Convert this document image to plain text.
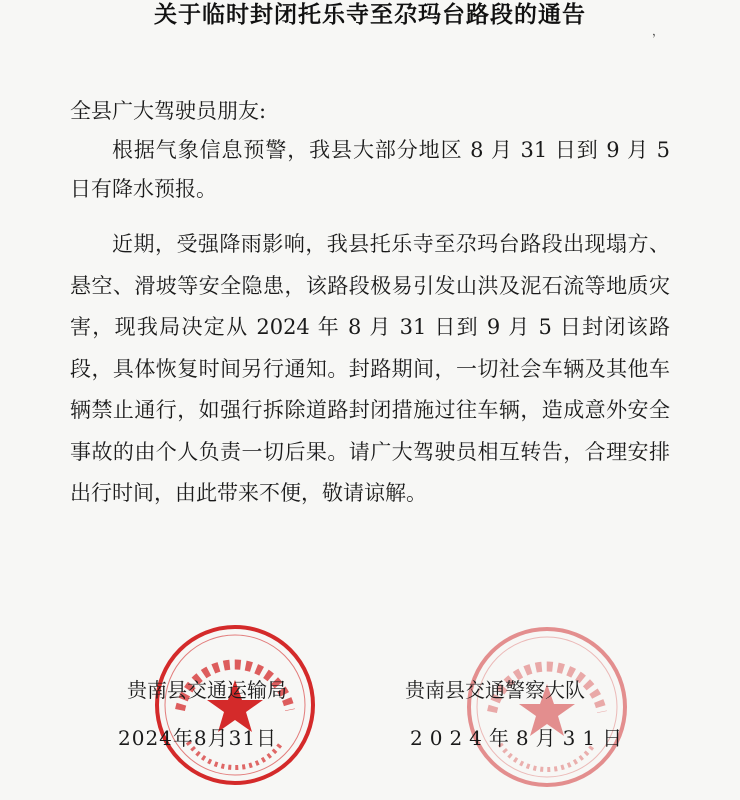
关于临时封闭托乐寺至尕玛台路段的通告
，
全县广大驾驶员朋友:

根据气象信息预警，我县大部分地区 8 月 31 日到 9 月 5 日有降水预报。

近期，受强降雨影响，我县托乐寺至尕玛台路段出现塌方、悬空、滑坡等安全隐患，该路段极易引发山洪及泥石流等地质灾害，现我局决定从 2024 年 8 月 31 日到 9 月 5 日封闭该路段，具体恢复时间另行通知。封路期间，一切社会车辆及其他车辆禁止通行，如强行拆除道路封闭措施过往车辆，造成意外安全事故的由个人负责一切后果。请广大驾驶员相互转告，合理安排出行时间，由此带来不便，敬请谅解。

贵南县交通运输局
2024年8月31日
贵南县交通警察大队
2024年8月31日
